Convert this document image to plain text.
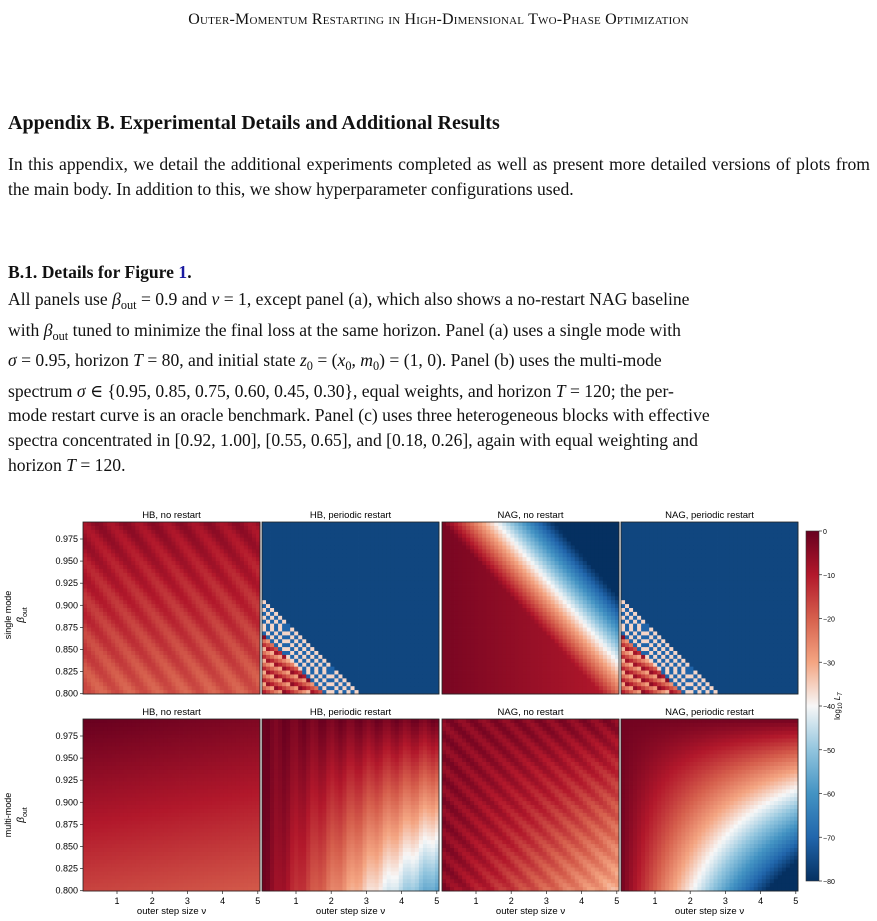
Outer-Momentum Restarting in High-Dimensional Two-Phase Optimization
Appendix B. Experimental Details and Additional Results
In this appendix, we detail the additional experiments completed as well as present more detailed versions of plots from the main body. In addition to this, we show hyperparameter configurations used.
B.1. Details for Figure 1.
All panels use $\beta_{out} = 0.9$ and ν = 1, except panel (a), which also shows a no-restart NAG baseline
with $\beta_{out}$ tuned to minimize the final loss at the same horizon. Panel (a) uses a single mode with
σ = 0.95, horizon T = 80, and initial state $z_0 = (x_0$, $m_0) = (1$, 0). Panel (b) uses the multi-mode
spectrum σ ∈ {0.95, 0.85, 0.75, 0.60, 0.45, 0.30}, equal weights, and horizon T = 120; the per-
mode restart curve is an oracle benchmark. Panel (c) uses three heterogeneous blocks with effective
spectra concentrated in [0.92, 1.00], [0.55, 0.65], and [0.18, 0.26], again with equal weighting and
horizon T = 120.
single mode
multi-mode
$\beta_{out}$
$\beta_{out}$
HB, no restart
0.975
0.950
0.925
0.900
0.875
0.850
0.825
0.800
HB, periodic restart	NAG, no restart	NAG, periodic restart
HB, no restart
0.975
0.950
0.925
0.900
0.875
0.850
0.825
0.800
1	2	3	4	5
outer step size ν
HB, periodic restart
1	2	3	4	5
outer step size ν
NAG, no restart
1	2	3	4	5
outer step size ν
NAG, periodic restart
1	2	3	4	5
outer step size ν
0
−10
−20
−30
−40
−50
−60
−70
−80
$\log_{10} L_T$
